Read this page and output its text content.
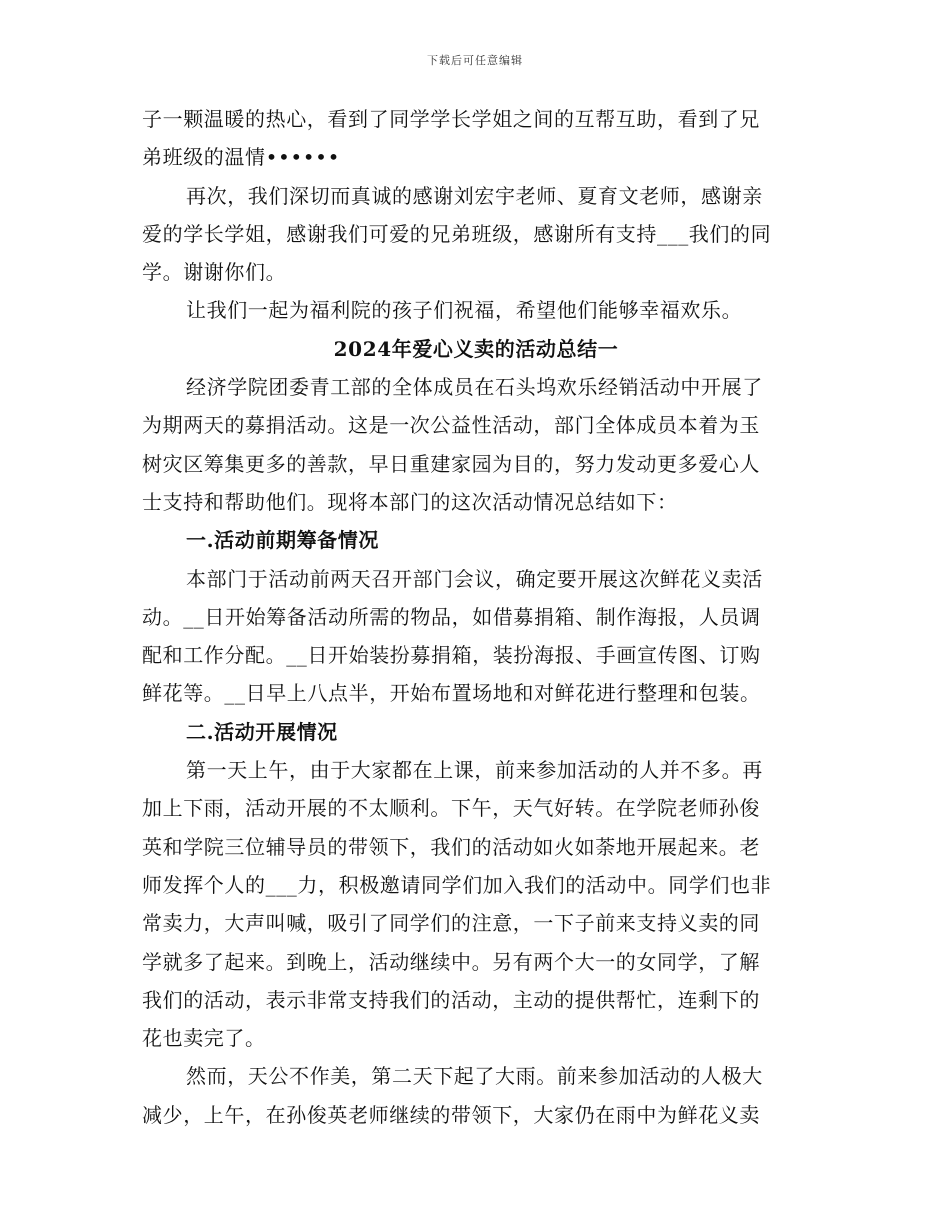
下载后可任意编辑
子一颗温暖的热心，看到了同学学长学姐之间的互帮互助，看到了兄
弟班级的温情••••••
再次，我们深切而真诚的感谢刘宏宇老师、夏育文老师，感谢亲
爱的学长学姐，感谢我们可爱的兄弟班级，感谢所有支持___我们的同
学。谢谢你们。
让我们一起为福利院的孩子们祝福，希望他们能够幸福欢乐。
2024年爱心义卖的活动总结一
经济学院团委青工部的全体成员在石头坞欢乐经销活动中开展了
为期两天的募捐活动。这是一次公益性活动，部门全体成员本着为玉
树灾区筹集更多的善款，早日重建家园为目的，努力发动更多爱心人
士支持和帮助他们。现将本部门的这次活动情况总结如下：
一.活动前期筹备情况
本部门于活动前两天召开部门会议，确定要开展这次鲜花义卖活
动。__日开始筹备活动所需的物品，如借募捐箱、制作海报，人员调
配和工作分配。__日开始装扮募捐箱，装扮海报、手画宣传图、订购
鲜花等。__日早上八点半，开始布置场地和对鲜花进行整理和包装。
二.活动开展情况
第一天上午，由于大家都在上课，前来参加活动的人并不多。再
加上下雨，活动开展的不太顺利。下午，天气好转。在学院老师孙俊
英和学院三位辅导员的带领下，我们的活动如火如荼地开展起来。老
师发挥个人的___力，积极邀请同学们加入我们的活动中。同学们也非
常卖力，大声叫喊，吸引了同学们的注意，一下子前来支持义卖的同
学就多了起来。到晚上，活动继续中。另有两个大一的女同学，了解
我们的活动，表示非常支持我们的活动，主动的提供帮忙，连剩下的
花也卖完了。
然而，天公不作美，第二天下起了大雨。前来参加活动的人极大
减少，上午，在孙俊英老师继续的带领下，大家仍在雨中为鲜花义卖
